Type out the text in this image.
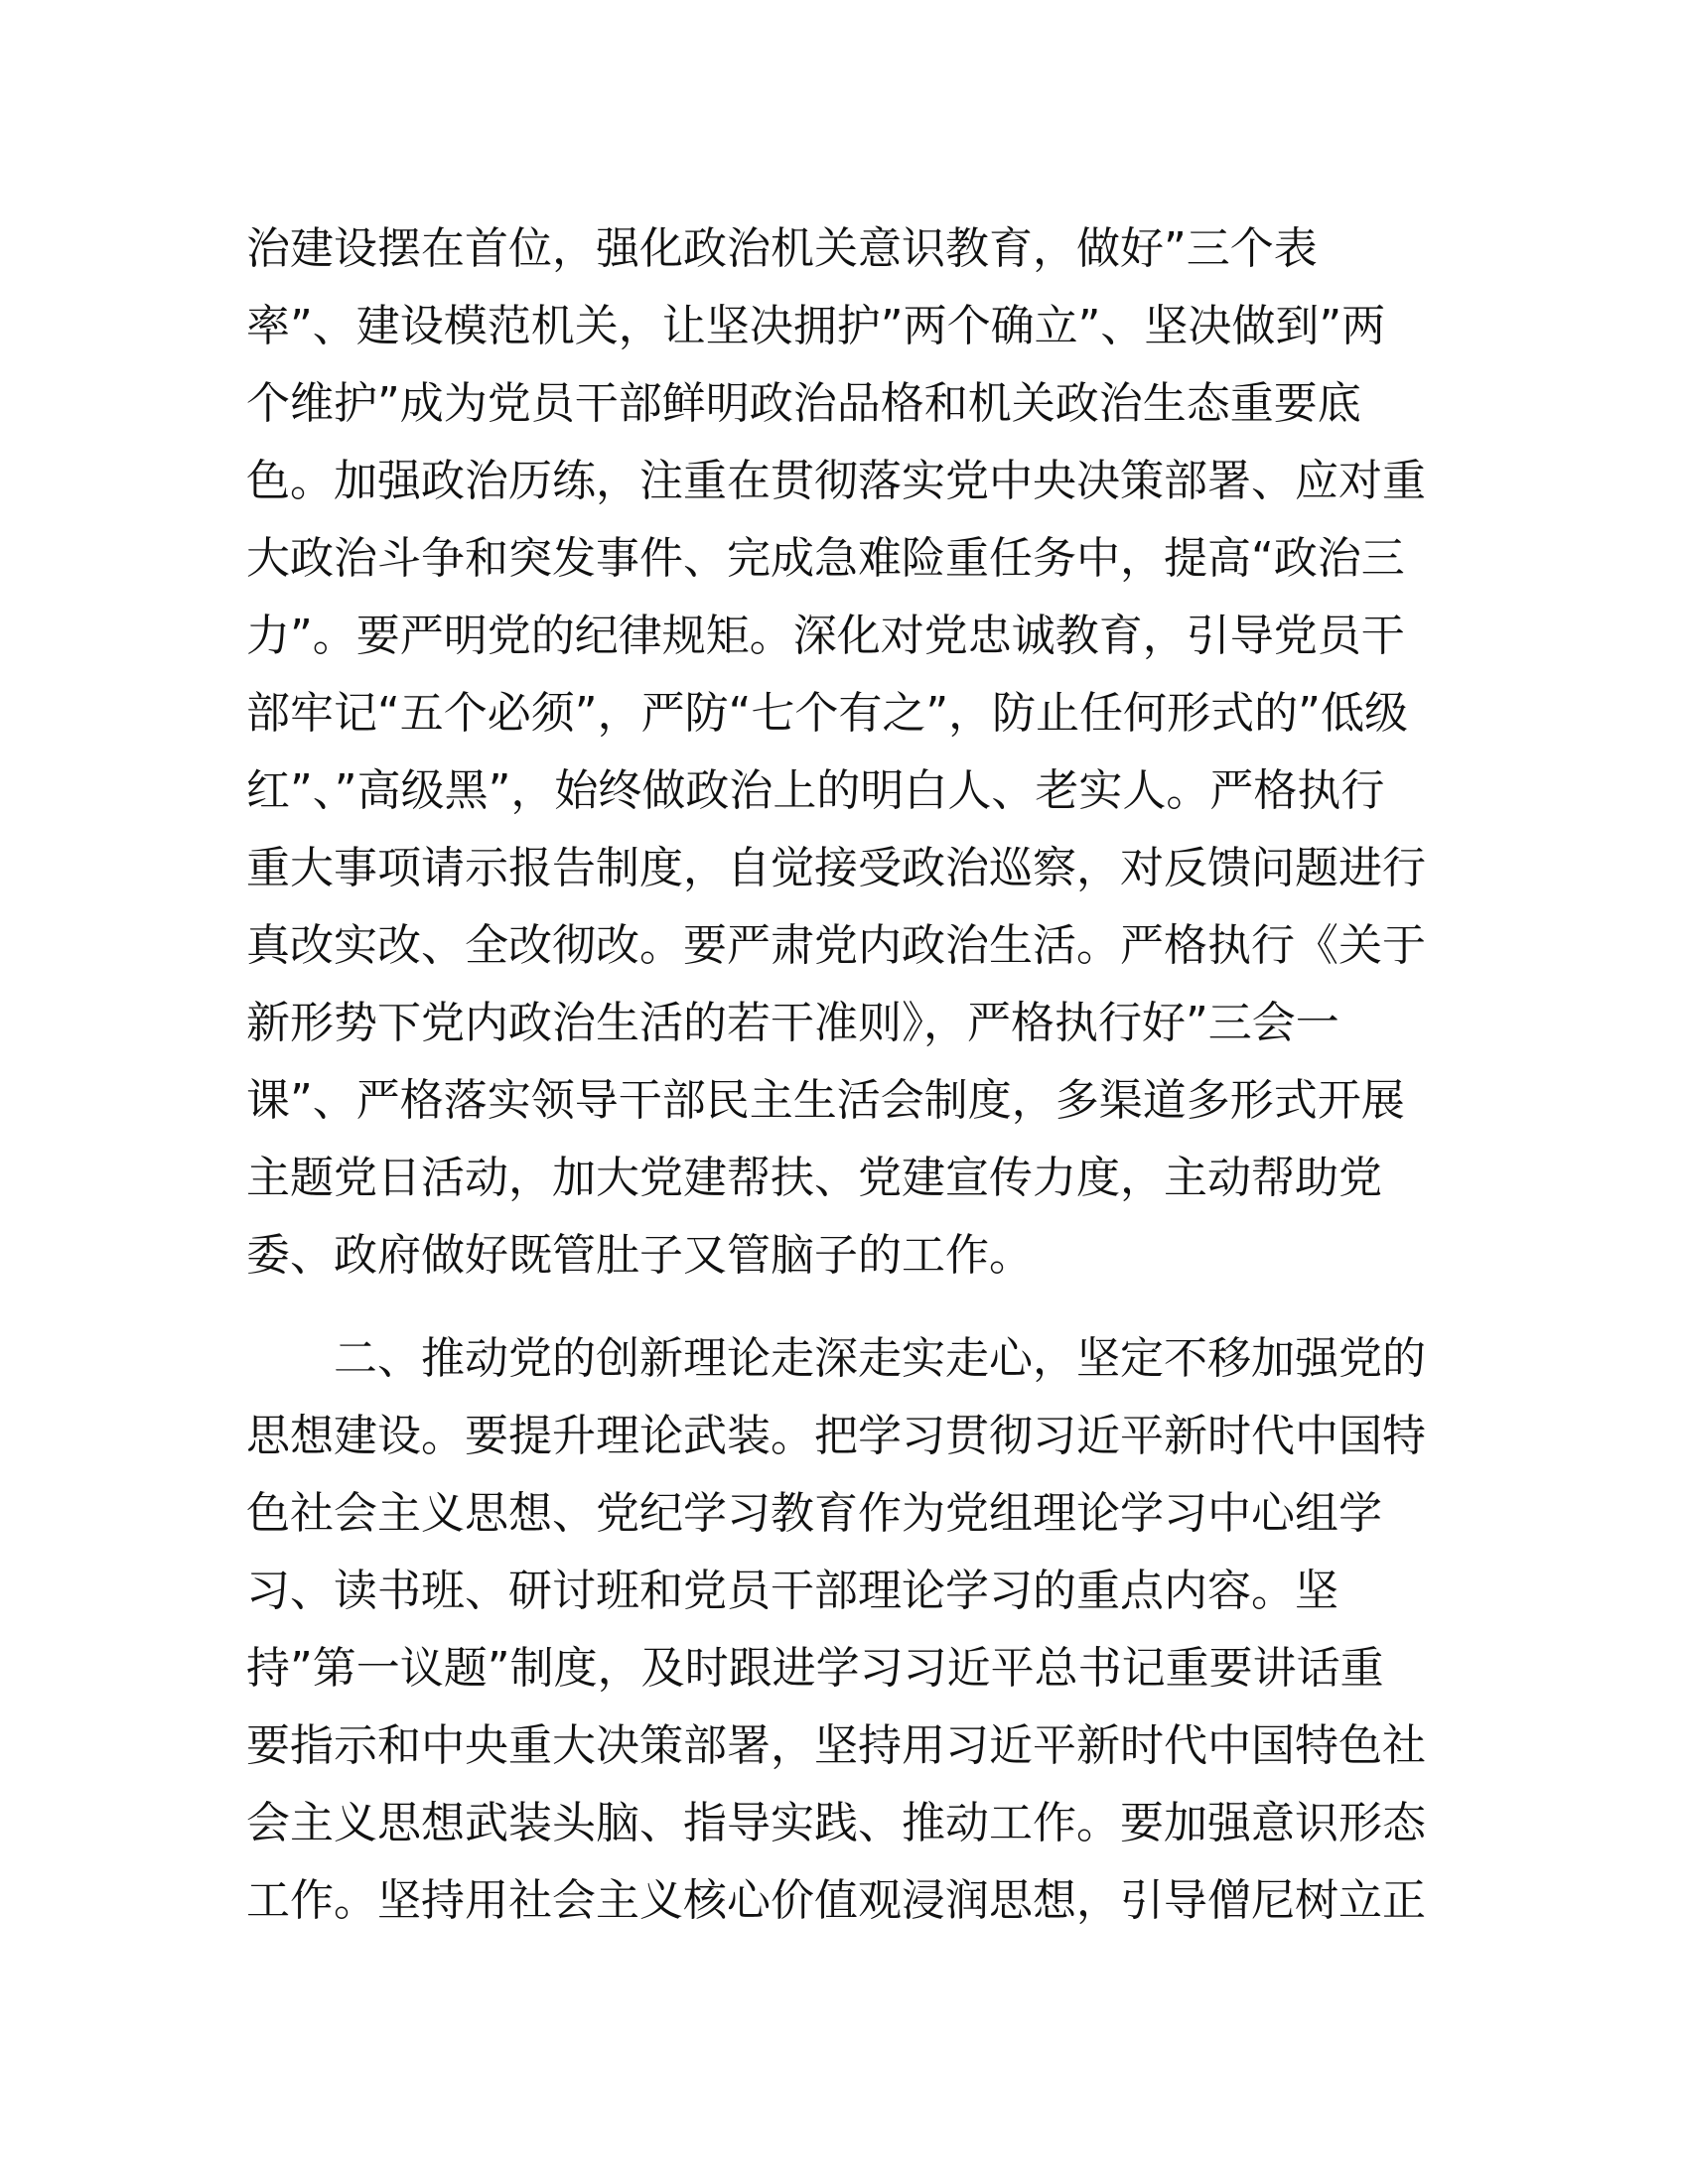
治建设摆在首位，强化政治机关意识教育，做好”三个表
率”、建设模范机关，让坚决拥护”两个确立”、坚决做到”两
个维护”成为党员干部鲜明政治品格和机关政治生态重要底
色。加强政治历练，注重在贯彻落实党中央决策部署、应对重
大政治斗争和突发事件、完成急难险重任务中，提高“政治三
力”。要严明党的纪律规矩。深化对党忠诚教育，引导党员干
部牢记“五个必须”，严防“七个有之”，防止任何形式的”低级
红”、”高级黑”，始终做政治上的明白人、老实人。严格执行
重大事项请示报告制度，自觉接受政治巡察，对反馈问题进行
真改实改、全改彻改。要严肃党内政治生活。严格执行《关于
新形势下党内政治生活的若干准则》，严格执行好”三会一
课”、严格落实领导干部民主生活会制度，多渠道多形式开展
主题党日活动，加大党建帮扶、党建宣传力度，主动帮助党
委、政府做好既管肚子又管脑子的工作。
　　二、推动党的创新理论走深走实走心，坚定不移加强党的
思想建设。要提升理论武装。把学习贯彻习近平新时代中国特
色社会主义思想、党纪学习教育作为党组理论学习中心组学
习、读书班、研讨班和党员干部理论学习的重点内容。坚
持”第一议题”制度，及时跟进学习习近平总书记重要讲话重
要指示和中央重大决策部署，坚持用习近平新时代中国特色社
会主义思想武装头脑、指导实践、推动工作。要加强意识形态
工作。坚持用社会主义核心价值观浸润思想，引导僧尼树立正
